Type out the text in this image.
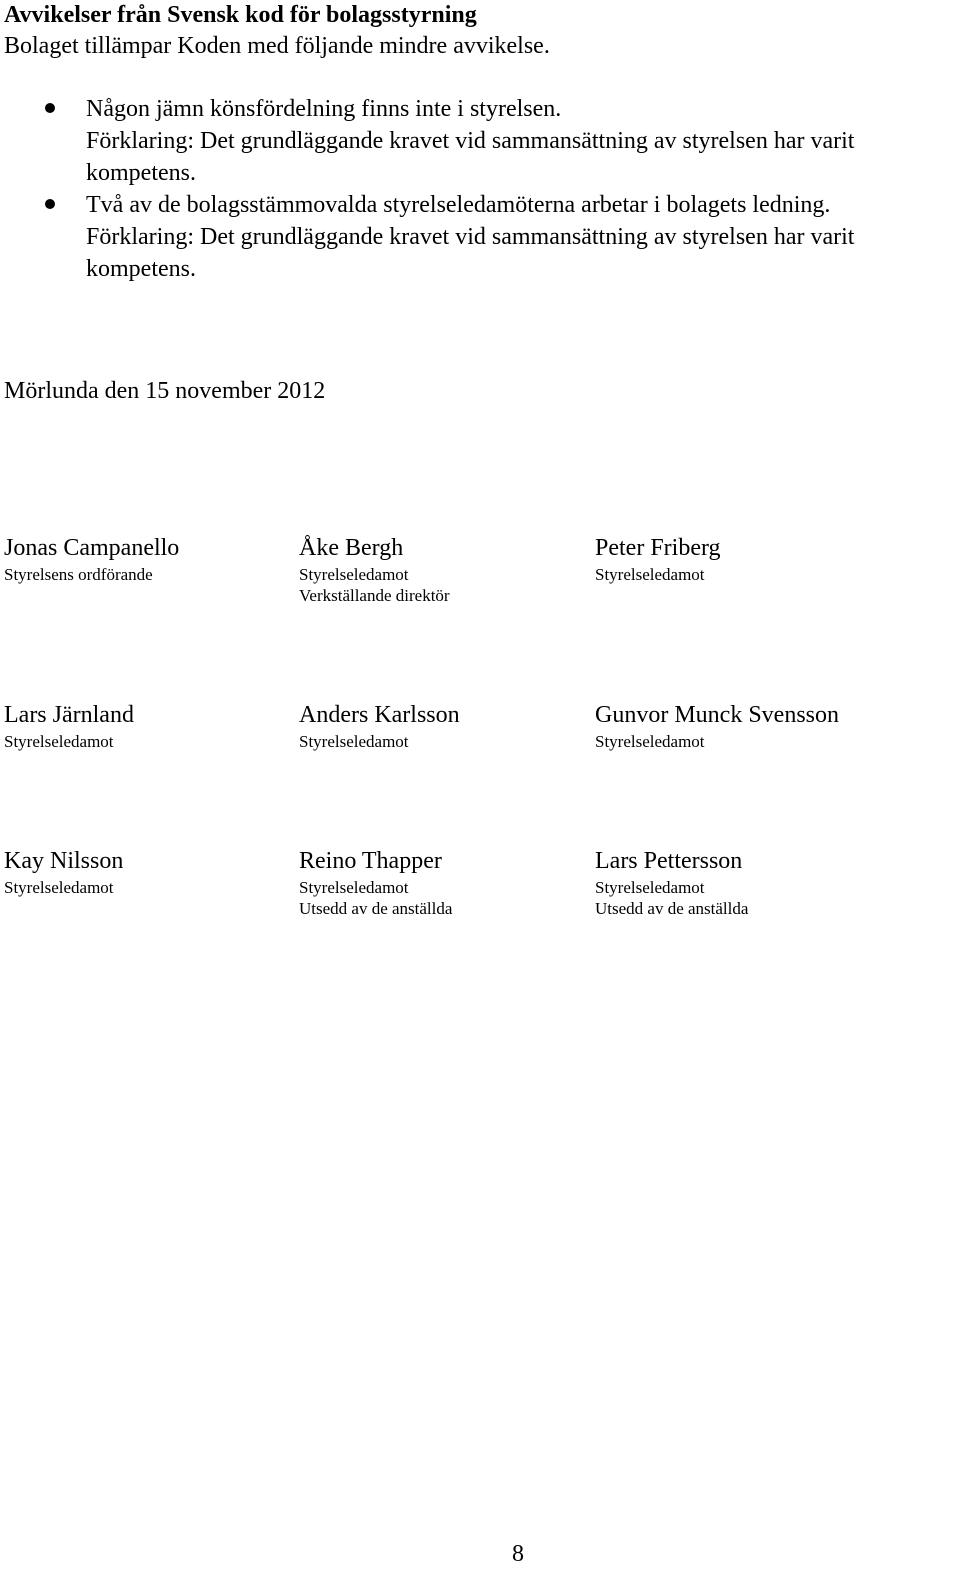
Avvikelser från Svensk kod för bolagsstyrning
Bolaget tillämpar Koden med följande mindre avvikelse.
Någon jämn könsfördelning finns inte i styrelsen.
Förklaring: Det grundläggande kravet vid sammansättning av styrelsen har varit kompetens.
Två av de bolagsstämmovalda styrelseledamöterna arbetar i bolagets ledning.
Förklaring: Det grundläggande kravet vid sammansättning av styrelsen har varit kompetens.
Mörlunda den 15 november 2012
Jonas Campanello
Styrelsens ordförande
Åke Bergh
Styrelseledamot
Verkställande direktör
Peter Friberg
Styrelseledamot
Lars Järnland
Styrelseledamot
Anders Karlsson
Styrelseledamot
Gunvor Munck Svensson
Styrelseledamot
Kay Nilsson
Styrelseledamot
Reino Thapper
Styrelseledamot
Utsedd av de anställda
Lars Pettersson
Styrelseledamot
Utsedd av de anställda
8
